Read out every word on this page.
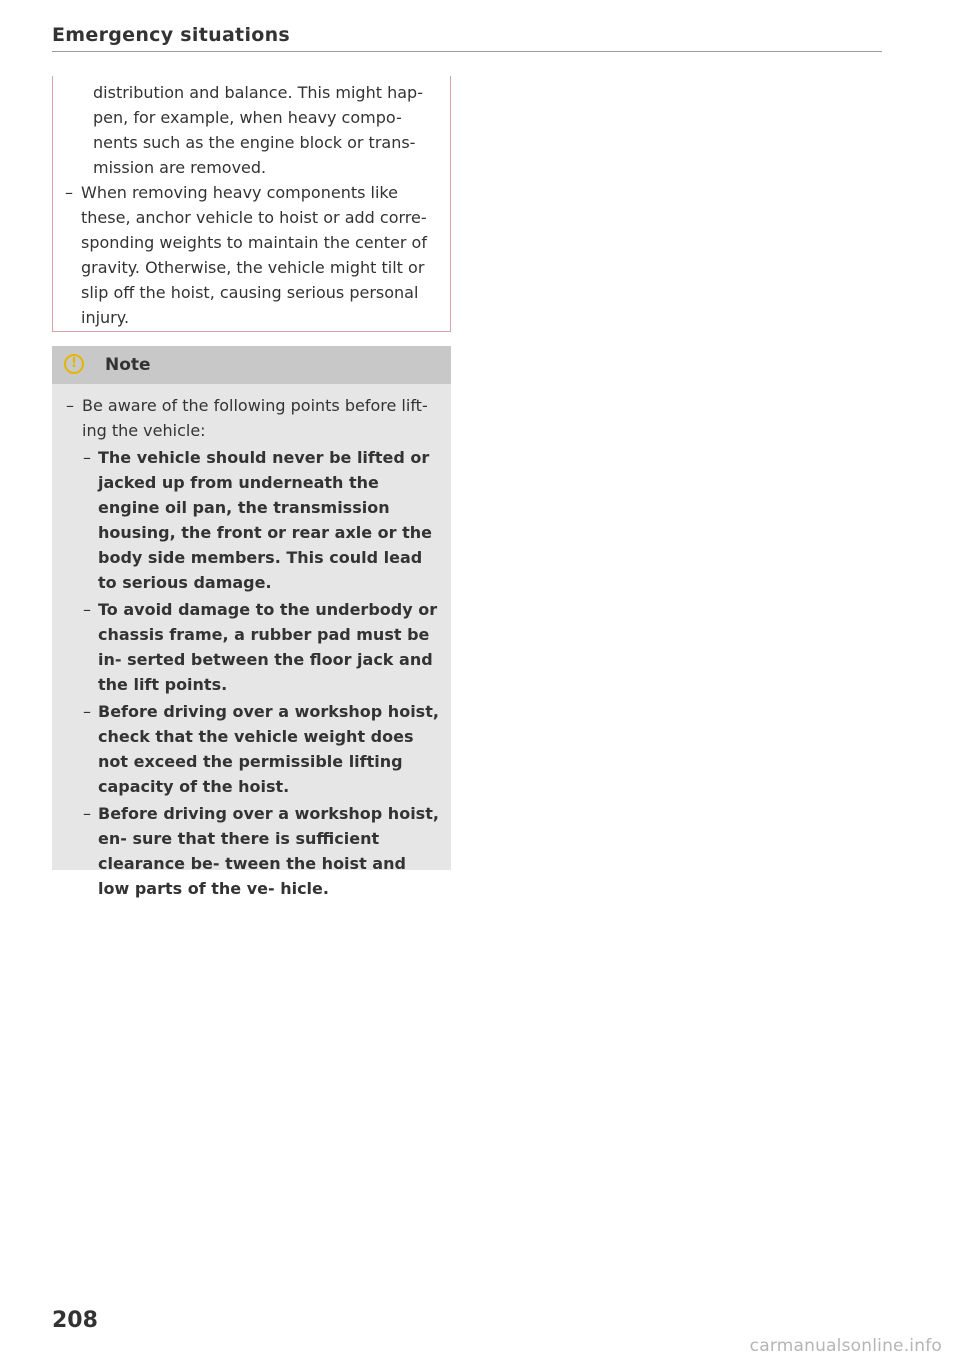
Emergency situations

distribution and balance. This might hap-

pen, for example, when heavy compo-

nents such as the engine block or trans-

mission are removed.

– When removing heavy components like these, anchor vehicle to hoist or add corre- sponding weights to maintain the center of gravity. Otherwise, the vehicle might tilt or slip off the hoist, causing serious personal injury.

!	Note

– Be aware of the following points before lift- ing the vehicle:

– The vehicle should never be lifted or jacked up from underneath the engine oil pan, the transmission housing, the front or rear axle or the body side members. This could lead to serious damage.

– To avoid damage to the underbody or chassis frame, a rubber pad must be in- serted between the floor jack and the lift points.

– Before driving over a workshop hoist, check that the vehicle weight does not exceed the permissible lifting capacity of the hoist.

– Before driving over a workshop hoist, en- sure that there is sufficient clearance be- tween the hoist and low parts of the ve- hicle.

208
carmanualsonline.info
